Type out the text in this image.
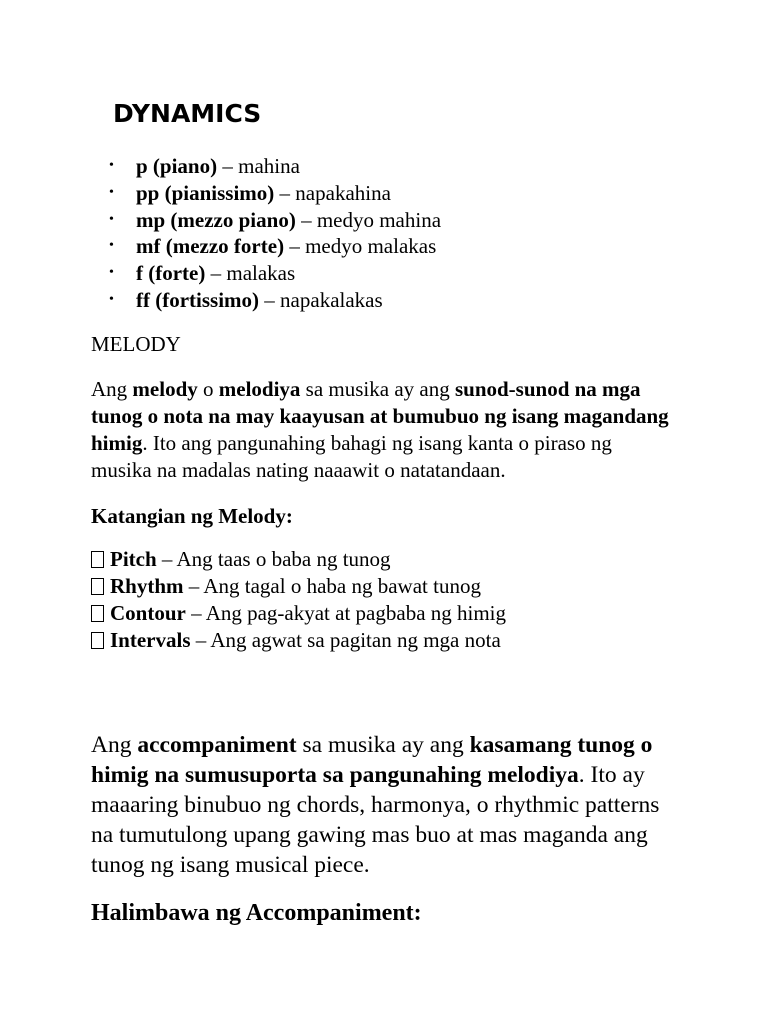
DYNAMICS
• p (piano) – mahina
• pp (pianissimo) – napakahina
• mp (mezzo piano) – medyo mahina
• mf (mezzo forte) – medyo malakas
• f (forte) – malakas
• ff (fortissimo) – napakalakas

MELODY

Ang melody o melodiya sa musika ay ang sunod-sunod na mga tunog o nota na may kaayusan at bumubuo ng isang magandang himig. Ito ang pangunahing bahagi ng isang kanta o piraso ng musika na madalas nating naaawit o natatandaan.

Katangian ng Melody:

Pitch – Ang taas o baba ng tunog
Rhythm – Ang tagal o haba ng bawat tunog
Contour – Ang pag-akyat at pagbaba ng himig
Intervals – Ang agwat sa pagitan ng mga nota

Ang accompaniment sa musika ay ang kasamang tunog o himig na sumusuporta sa pangunahing melodiya. Ito ay maaaring binubuo ng chords, harmonya, o rhythmic patterns na tumutulong upang gawing mas buo at mas maganda ang tunog ng isang musical piece.

Halimbawa ng Accompaniment:
